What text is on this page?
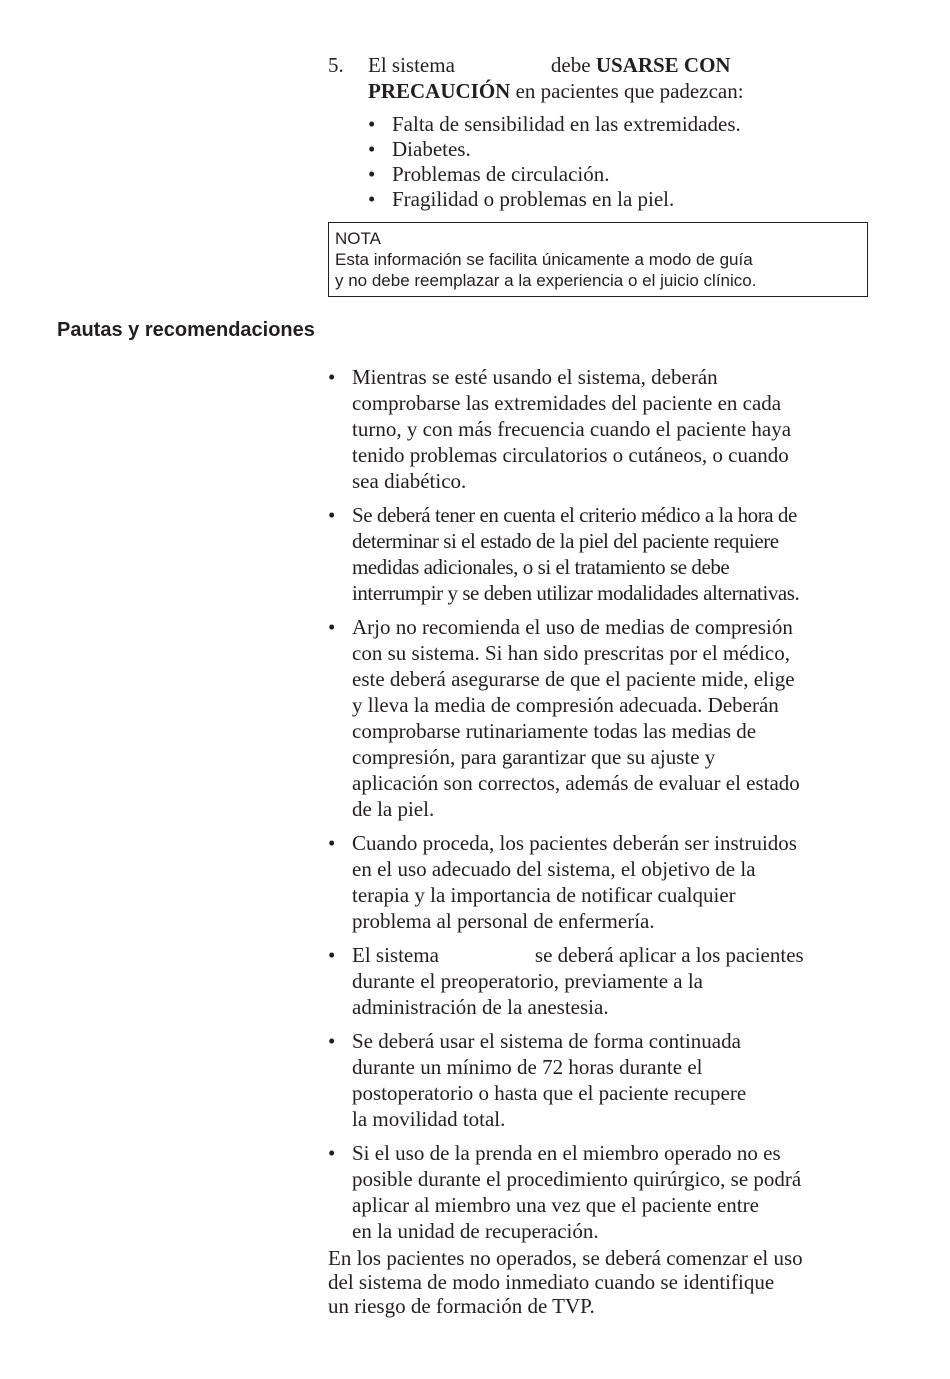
5. El sistema	debe USARSE CON
PRECAUCIÓN en pacientes que padezcan:
• Falta de sensibilidad en las extremidades.
• Diabetes.
• Problemas de circulación.
• Fragilidad o problemas en la piel.
NOTA
Esta información se facilita únicamente a modo de guía
y no debe reemplazar a la experiencia o el juicio clínico.
Pautas y recomendaciones
• Mientras se esté usando el sistema, deberán
comprobarse las extremidades del paciente en cada
turno, y con más frecuencia cuando el paciente haya
tenido problemas circulatorios o cutáneos, o cuando
sea diabético.
• Se deberá tener en cuenta el criterio médico a la hora de
determinar si el estado de la piel del paciente requiere
medidas adicionales, o si el tratamiento se debe
interrumpir y se deben utilizar modalidades alternativas.
• Arjo no recomienda el uso de medias de compresión
con su sistema. Si han sido prescritas por el médico,
este deberá asegurarse de que el paciente mide, elige
y lleva la media de compresión adecuada. Deberán
comprobarse rutinariamente todas las medias de
compresión, para garantizar que su ajuste y
aplicación son correctos, además de evaluar el estado
de la piel.
• Cuando proceda, los pacientes deberán ser instruidos
en el uso adecuado del sistema, el objetivo de la
terapia y la importancia de notificar cualquier
problema al personal de enfermería.
• El sistema	se deberá aplicar a los pacientes
durante el preoperatorio, previamente a la
administración de la anestesia.
• Se deberá usar el sistema de forma continuada
durante un mínimo de 72 horas durante el
postoperatorio o hasta que el paciente recupere
la movilidad total.
• Si el uso de la prenda en el miembro operado no es
posible durante el procedimiento quirúrgico, se podrá
aplicar al miembro una vez que el paciente entre
en la unidad de recuperación.
En los pacientes no operados, se deberá comenzar el uso
del sistema de modo inmediato cuando se identifique
un riesgo de formación de TVP.
